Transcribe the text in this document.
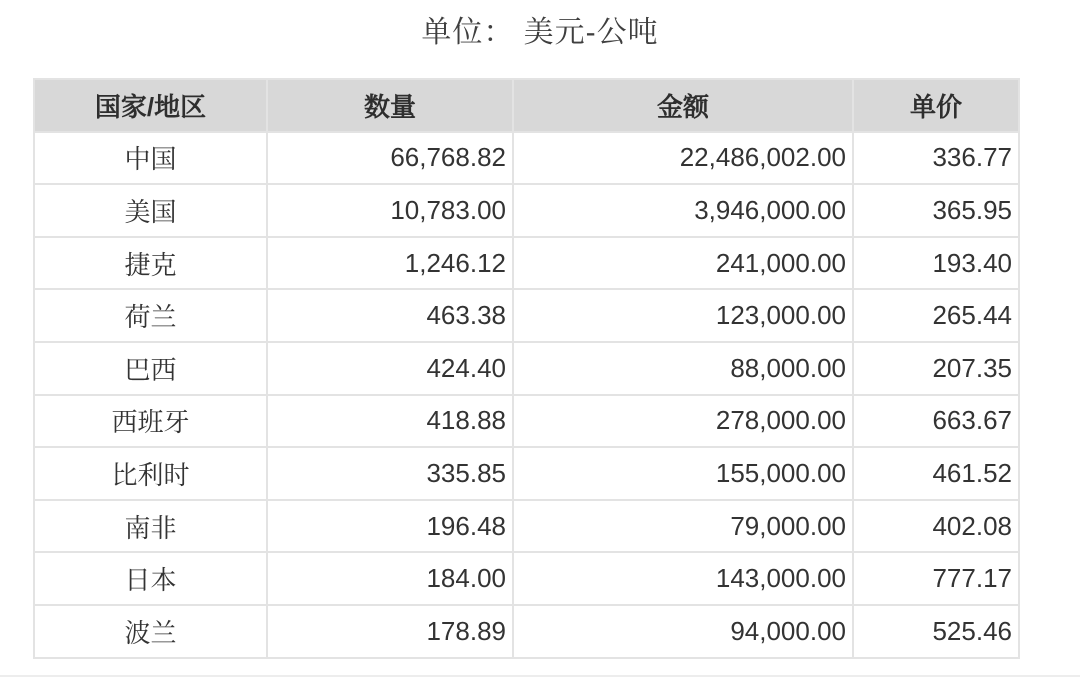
单位： 美元-公吨
国家/地区	数量	金额	单价
中国	66,768.82	22,486,002.00	336.77
美国	10,783.00	3,946,000.00	365.95
捷克	1,246.12	241,000.00	193.40
荷兰	463.38	123,000.00	265.44
巴西	424.40	88,000.00	207.35
西班牙	418.88	278,000.00	663.67
比利时	335.85	155,000.00	461.52
南非	196.48	79,000.00	402.08
日本	184.00	143,000.00	777.17
波兰	178.89	94,000.00	525.46
